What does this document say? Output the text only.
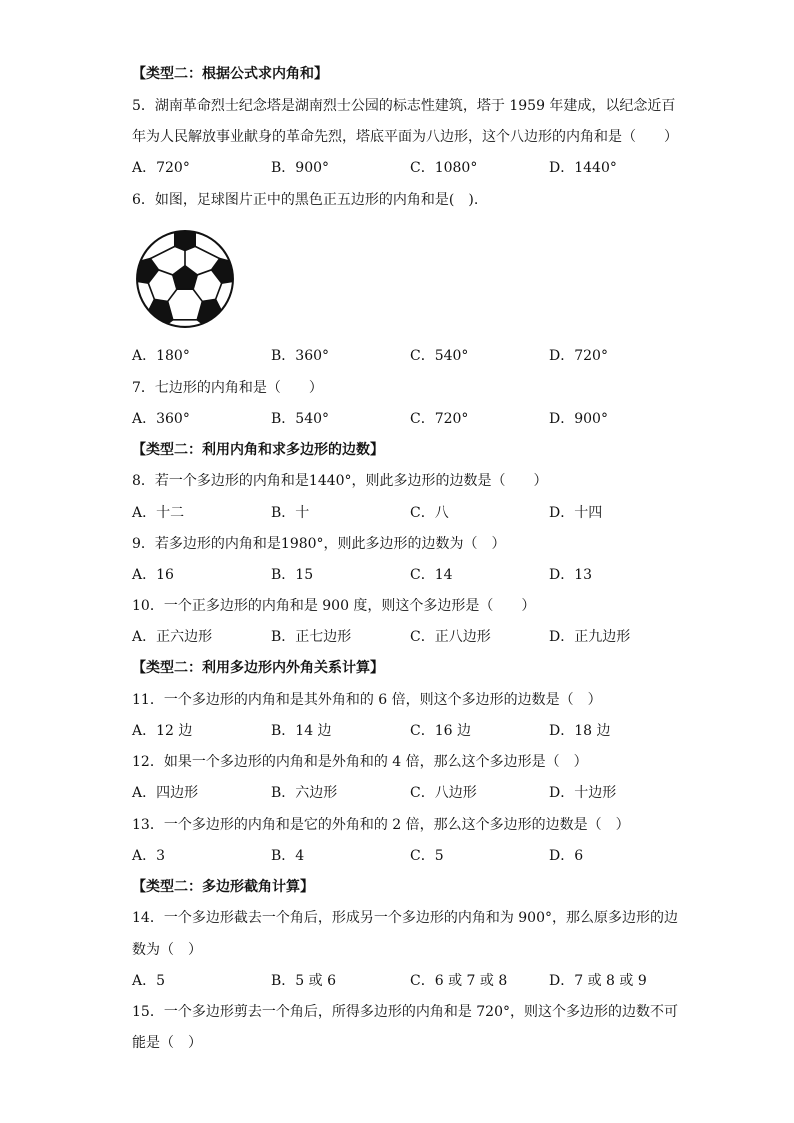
【类型二：根据公式求内角和】
5．湖南革命烈士纪念塔是湖南烈士公园的标志性建筑，塔于 1959 年建成，以纪念近百
年为人民解放事业献身的革命先烈，塔底平面为八边形，这个八边形的内角和是（　　）
A．720°	B．900°	C．1080°	D．1440°
6．如图，足球图片正中的黑色正五边形的内角和是(　).
A．180°	B．360°	C．540°	D．720°
7．七边形的内角和是（　　）
A．360°	B．540°	C．720°	D．900°
【类型二：利用内角和求多边形的边数】
8．若一个多边形的内角和是1440°，则此多边形的边数是（　　）
A．十二	B．十	C．八	D．十四
9．若多边形的内角和是1980°，则此多边形的边数为（　）
A．16	B．15	C．14	D．13
10．一个正多边形的内角和是 900 度，则这个多边形是（　　）
A．正六边形	B．正七边形	C．正八边形	D．正九边形
【类型二：利用多边形内外角关系计算】
11．一个多边形的内角和是其外角和的 6 倍，则这个多边形的边数是（　）
A．12 边	B．14 边	C．16 边	D．18 边
12．如果一个多边形的内角和是外角和的 4 倍，那么这个多边形是（　）
A．四边形	B．六边形	C．八边形	D．十边形
13．一个多边形的内角和是它的外角和的 2 倍，那么这个多边形的边数是（　）
A．3	B．4	C．5	D．6
【类型二：多边形截角计算】
14．一个多边形截去一个角后，形成另一个多边形的内角和为 900°，那么原多边形的边
数为（　）
A．5	B．5 或 6	C．6 或 7 或 8	D．7 或 8 或 9
15．一个多边形剪去一个角后，所得多边形的内角和是 720°，则这个多边形的边数不可
能是（　）
